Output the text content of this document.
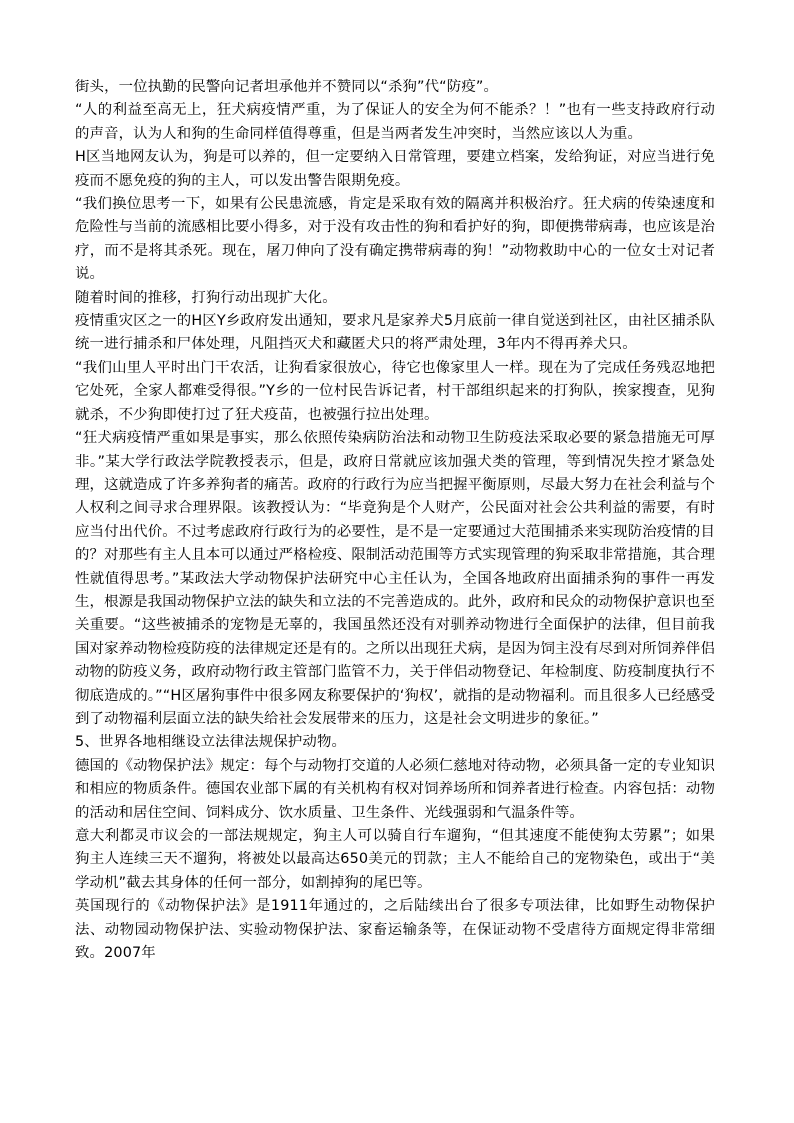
街头，一位执勤的民警向记者坦承他并不赞同以“杀狗”代“防疫”。

“人的利益至高无上，狂犬病疫情严重，为了保证人的安全为何不能杀？！”也有一些支持政府行动的声音，认为人和狗的生命同样值得尊重，但是当两者发生冲突时，当然应该以人为重。

H区当地网友认为，狗是可以养的，但一定要纳入日常管理，要建立档案，发给狗证，对应当进行免疫而不愿免疫的狗的主人，可以发出警告限期免疫。

“我们换位思考一下，如果有公民患流感，肯定是采取有效的隔离并积极治疗。狂犬病的传染速度和危险性与当前的流感相比要小得多，对于没有攻击性的狗和看护好的狗，即便携带病毒，也应该是治疗，而不是将其杀死。现在，屠刀伸向了没有确定携带病毒的狗！”动物救助中心的一位女士对记者说。

随着时间的推移，打狗行动出现扩大化。

疫情重灾区之一的H区Y乡政府发出通知，要求凡是家养犬5月底前一律自觉送到社区，由社区捕杀队统一进行捕杀和尸体处理，凡阻挡灭犬和藏匿犬只的将严肃处理，3年内不得再养犬只。

“我们山里人平时出门干农活，让狗看家很放心，待它也像家里人一样。现在为了完成任务残忍地把它处死，全家人都难受得很。”Y乡的一位村民告诉记者，村干部组织起来的打狗队，挨家搜查，见狗就杀，不少狗即使打过了狂犬疫苗，也被强行拉出处理。

“狂犬病疫情严重如果是事实，那么依照传染病防治法和动物卫生防疫法采取必要的紧急措施无可厚非。”某大学行政法学院教授表示，但是，政府日常就应该加强犬类的管理，等到情况失控才紧急处理，这就造成了许多养狗者的痛苦。政府的行政行为应当把握平衡原则，尽最大努力在社会利益与个人权利之间寻求合理界限。该教授认为：“毕竟狗是个人财产，公民面对社会公共利益的需要，有时应当付出代价。不过考虑政府行政行为的必要性，是不是一定要通过大范围捕杀来实现防治疫情的目的？对那些有主人且本可以通过严格检疫、限制活动范围等方式实现管理的狗采取非常措施，其合理性就值得思考。”某政法大学动物保护法研究中心主任认为，全国各地政府出面捕杀狗的事件一再发生，根源是我国动物保护立法的缺失和立法的不完善造成的。此外，政府和民众的动物保护意识也至关重要。“这些被捕杀的宠物是无辜的，我国虽然还没有对驯养动物进行全面保护的法律，但目前我国对家养动物检疫防疫的法律规定还是有的。之所以出现狂犬病，是因为饲主没有尽到对所饲养伴侣动物的防疫义务，政府动物行政主管部门监管不力，关于伴侣动物登记、年检制度、防疫制度执行不彻底造成的。”“H区屠狗事件中很多网友称要保护的‘狗权’，就指的是动物福利。而且很多人已经感受到了动物福利层面立法的缺失给社会发展带来的压力，这是社会文明进步的象征。”

5、世界各地相继设立法律法规保护动物。

德国的《动物保护法》规定：每个与动物打交道的人必须仁慈地对待动物，必须具备一定的专业知识和相应的物质条件。德国农业部下属的有关机构有权对饲养场所和饲养者进行检查。内容包括：动物的活动和居住空间、饲料成分、饮水质量、卫生条件、光线强弱和气温条件等。

意大利都灵市议会的一部法规规定，狗主人可以骑自行车遛狗，“但其速度不能使狗太劳累”；如果狗主人连续三天不遛狗，将被处以最高达650美元的罚款；主人不能给自己的宠物染色，或出于“美学动机”截去其身体的任何一部分，如割掉狗的尾巴等。

英国现行的《动物保护法》是1911年通过的，之后陆续出台了很多专项法律，比如野生动物保护法、动物园动物保护法、实验动物保护法、家畜运输条等，在保证动物不受虐待方面规定得非常细致。2007年
